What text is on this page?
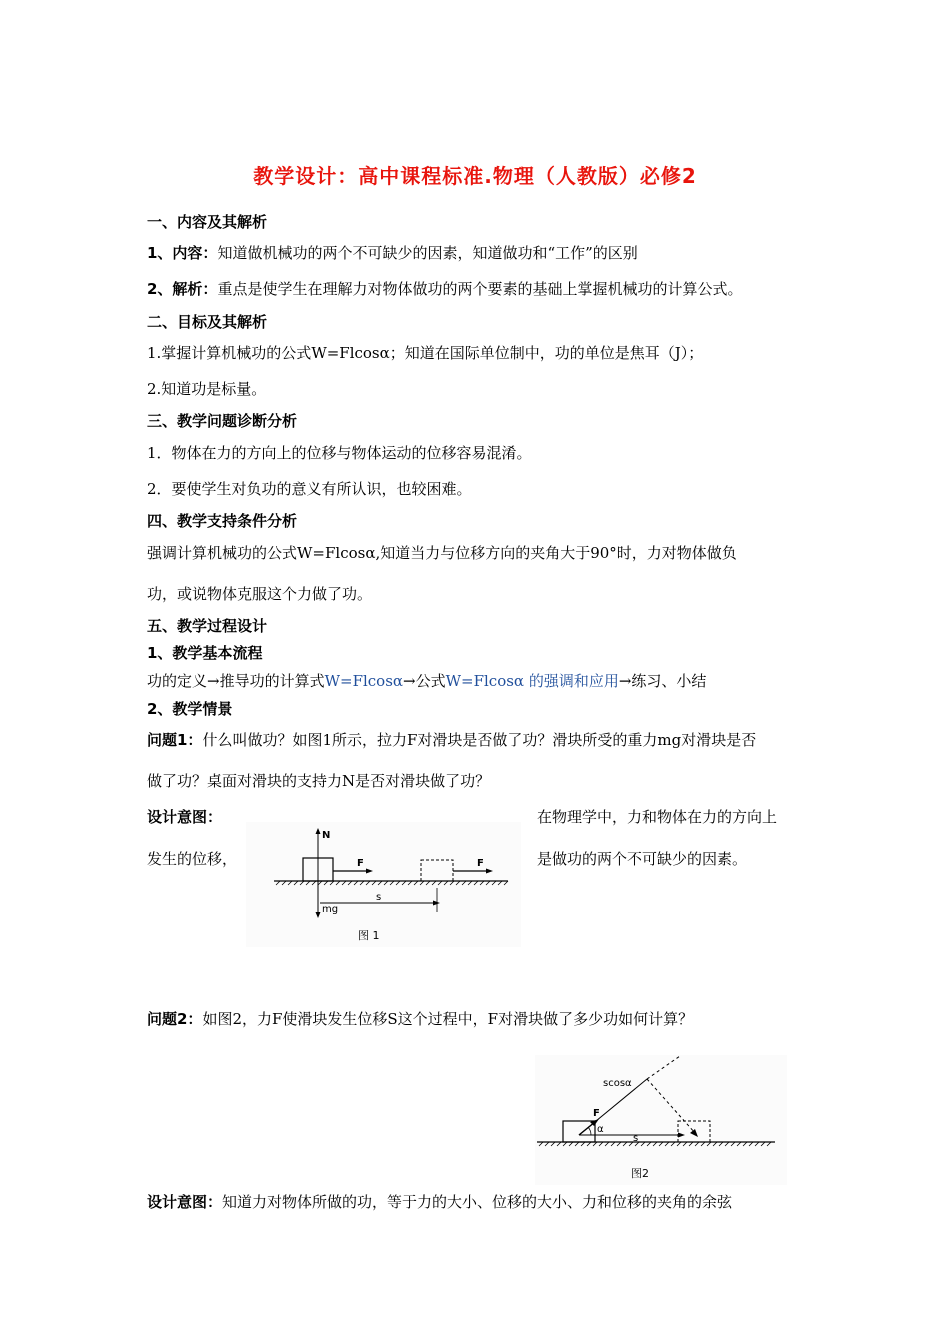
教学设计：高中课程标准.物理（人教版）必修2
一、内容及其解析
1、内容：知道做机械功的两个不可缺少的因素，知道做功和“工作”的区别
2、解析：重点是使学生在理解力对物体做功的两个要素的基础上掌握机械功的计算公式。
二、目标及其解析
1.掌握计算机械功的公式W=Flcosα；知道在国际单位制中，功的单位是焦耳（J）；
2.知道功是标量。
三、教学问题诊断分析
1．物体在力的方向上的位移与物体运动的位移容易混淆。
2．要使学生对负功的意义有所认识，也较困难。
四、教学支持条件分析
强调计算机械功的公式W=Flcosα,知道当力与位移方向的夹角大于90°时，力对物体做负
功，或说物体克服这个力做了功。
五、教学过程设计
1、教学基本流程
功的定义→推导功的计算式W=Flcosα→公式W=Flcosα 的强调和应用→练习、小结
2、教学情景
问题1：什么叫做功？如图1所示，拉力F对滑块是否做了功？滑块所受的重力mg对滑块是否
做了功？桌面对滑块的支持力N是否对滑块做了功？
设计意图：	在物理学中，力和物体在力的方向上
发生的位移，	是做功的两个不可缺少的因素。
N
mg
F	F
s
图 1
问题2：如图2，力F使滑块发生位移S这个过程中，F对滑块做了多少功如何计算？
F
α
s
scosα
图2
设计意图：知道力对物体所做的功，等于力的大小、位移的大小、力和位移的夹角的余弦
